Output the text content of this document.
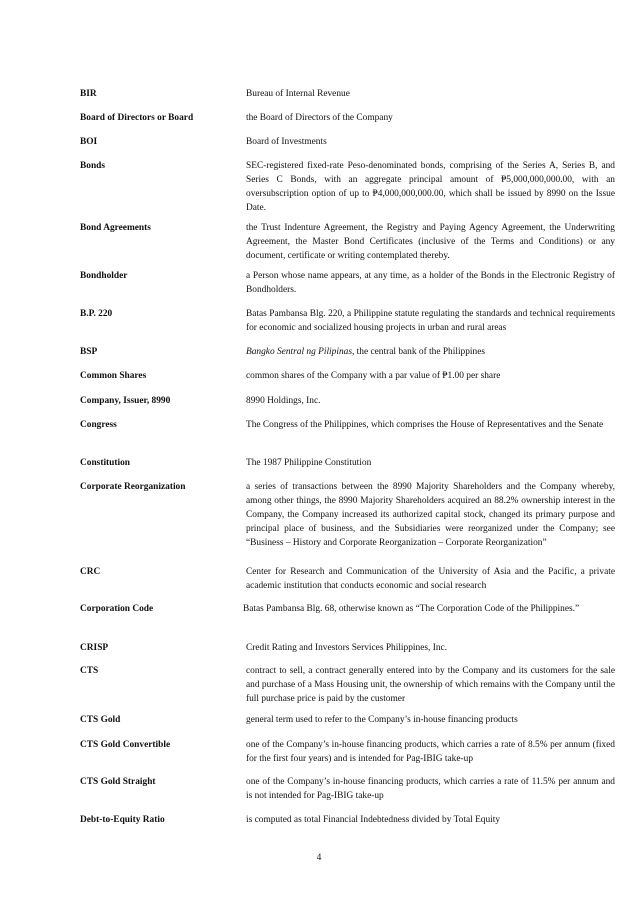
BIR	Bureau of Internal Revenue
Board of Directors or Board	the Board of Directors of the Company
BOI	Board of Investments
Bonds	SEC-registered fixed-rate Peso-denominated bonds, comprising of the Series A, Series B, and Series C Bonds, with an aggregate principal amount of ₱5,000,000,000.00, with an oversubscription option of up to ₱4,000,000,000.00, which shall be issued by 8990 on the Issue Date.
Bond Agreements	the Trust Indenture Agreement, the Registry and Paying Agency Agreement, the Underwriting Agreement, the Master Bond Certificates (inclusive of the Terms and Conditions) or any document, certificate or writing contemplated thereby.
Bondholder	a Person whose name appears, at any time, as a holder of the Bonds in the Electronic Registry of Bondholders.
B.P. 220	Batas Pambansa Blg. 220, a Philippine statute regulating the standards and technical requirements for economic and socialized housing projects in urban and rural areas
BSP	Bangko Sentral ng Pilipinas, the central bank of the Philippines
Common Shares	common shares of the Company with a par value of ₱1.00 per share
Company, Issuer, 8990	8990 Holdings, Inc.
Congress	The Congress of the Philippines, which comprises the House of Representatives and the Senate
Constitution	The 1987 Philippine Constitution
Corporate Reorganization	a series of transactions between the 8990 Majority Shareholders and the Company whereby, among other things, the 8990 Majority Shareholders acquired an 88.2% ownership interest in the Company, the Company increased its authorized capital stock, changed its primary purpose and principal place of business, and the Subsidiaries were reorganized under the Company; see “Business – History and Corporate Reorganization – Corporate Reorganization”
CRC	Center for Research and Communication of the University of Asia and the Pacific, a private academic institution that conducts economic and social research
Corporation Code	Batas Pambansa Blg. 68, otherwise known as “The Corporation Code of the Philippines.”
CRISP	Credit Rating and Investors Services Philippines, Inc.
CTS	contract to sell, a contract generally entered into by the Company and its customers for the sale and purchase of a Mass Housing unit, the ownership of which remains with the Company until the full purchase price is paid by the customer
CTS Gold	general term used to refer to the Company’s in-house financing products
CTS Gold Convertible	one of the Company’s in-house financing products, which carries a rate of 8.5% per annum (fixed for the first four years) and is intended for Pag-IBIG take-up
CTS Gold Straight	one of the Company’s in-house financing products, which carries a rate of 11.5% per annum and is not intended for Pag-IBIG take-up
Debt-to-Equity Ratio	is computed as total Financial Indebtedness divided by Total Equity
4
